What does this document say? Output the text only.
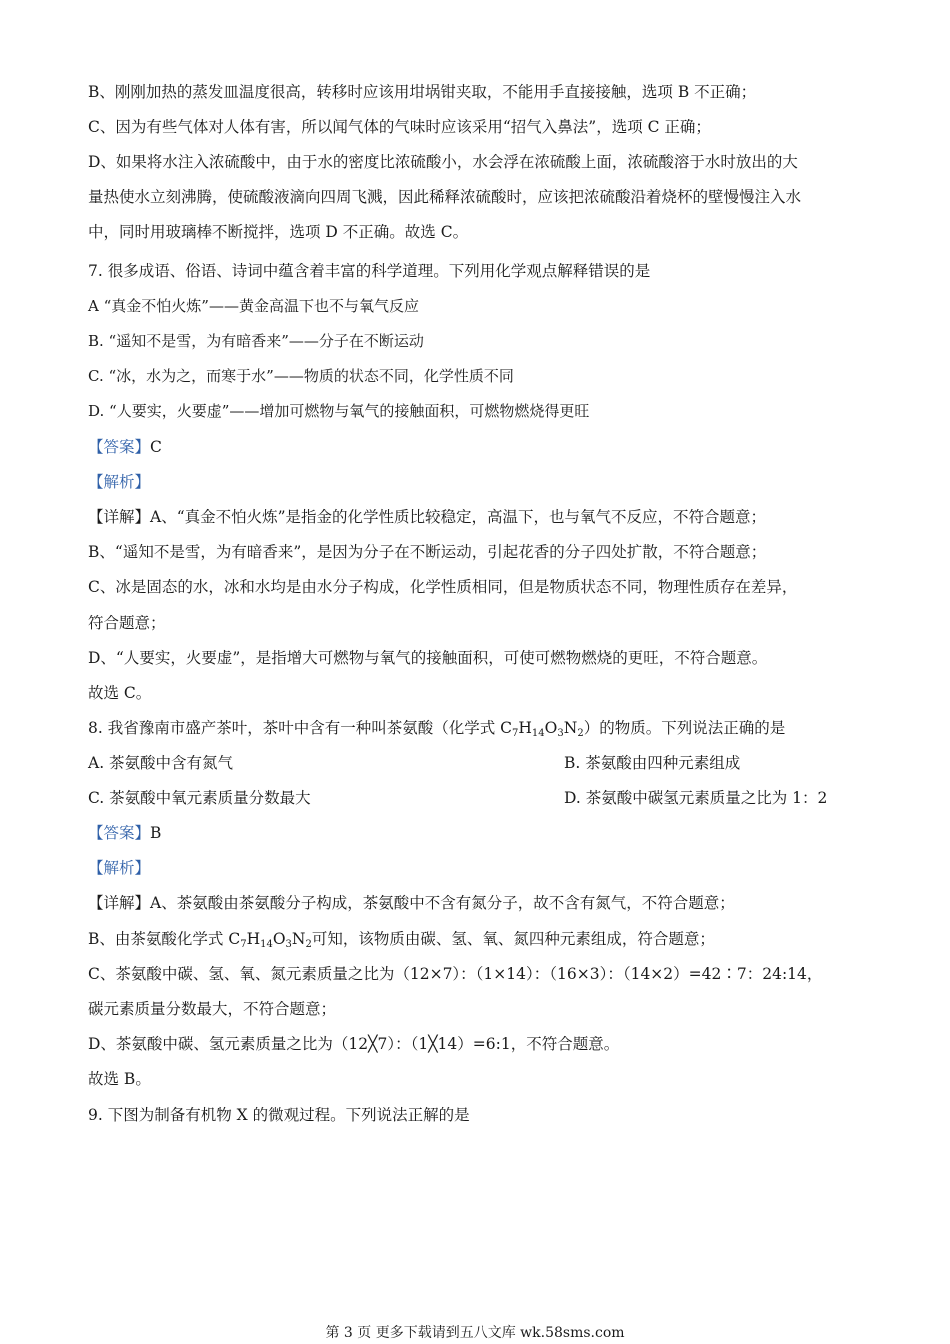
B、刚刚加热的蒸发皿温度很高，转移时应该用坩埚钳夹取，不能用手直接接触，选项 B 不正确；
C、因为有些气体对人体有害，所以闻气体的气味时应该采用“招气入鼻法”，选项 C 正确；
D、如果将水注入浓硫酸中，由于水的密度比浓硫酸小，水会浮在浓硫酸上面，浓硫酸溶于水时放出的大
量热使水立刻沸腾，使硫酸液滴向四周飞溅，因此稀释浓硫酸时，应该把浓硫酸沿着烧杯的壁慢慢注入水
中，同时用玻璃棒不断搅拌，选项 D 不正确。故选 C。
7. 很多成语、俗语、诗词中蕴含着丰富的科学道理。下列用化学观点解释错误的是
A “真金不怕火炼”——黄金高温下也不与氧气反应
B. “遥知不是雪，为有暗香来”——分子在不断运动
C. “冰，水为之，而寒于水”——物质的状态不同，化学性质不同
D. “人要实，火要虚”——增加可燃物与氧气的接触面积，可燃物燃烧得更旺
【答案】C
【解析】
【详解】A、“真金不怕火炼”是指金的化学性质比较稳定，高温下，也与氧气不反应，不符合题意；
B、“遥知不是雪，为有暗香来”，是因为分子在不断运动，引起花香的分子四处扩散，不符合题意；
C、冰是固态的水，冰和水均是由水分子构成，化学性质相同，但是物质状态不同，物理性质存在差异，
符合题意；
D、“人要实，火要虚”，是指增大可燃物与氧气的接触面积，可使可燃物燃烧的更旺，不符合题意。
故选 C。
8. 我省豫南市盛产茶叶，茶叶中含有一种叫茶氨酸（化学式 $C_7H_{14}O_3N_2$）的物质。下列说法正确的是
A. 茶氨酸中含有氮气	B. 茶氨酸由四种元素组成
C. 茶氨酸中氧元素质量分数最大	D. 茶氨酸中碳氢元素质量之比为 1：2
【答案】B
【解析】
【详解】A、茶氨酸由茶氨酸分子构成，茶氨酸中不含有氮分子，故不含有氮气，不符合题意；
B、由茶氨酸化学式 $C_7H_{14}O_3N_2$可知，该物质由碳、氢、氧、氮四种元素组成，符合题意；
C、茶氨酸中碳、氢、氧、氮元素质量之比为（12×7）：（1×14）：（16×3）：（14×2）=42∶7：24:14，
碳元素质量分数最大，不符合题意；
D、茶氨酸中碳、氢元素质量之比为（12╳7）：（1╳14）=6:1，不符合题意。
故选 B。
9. 下图为制备有机物 X 的微观过程。下列说法正解的是
第 3 页 更多下载请到五八文库 wk.58sms.com
